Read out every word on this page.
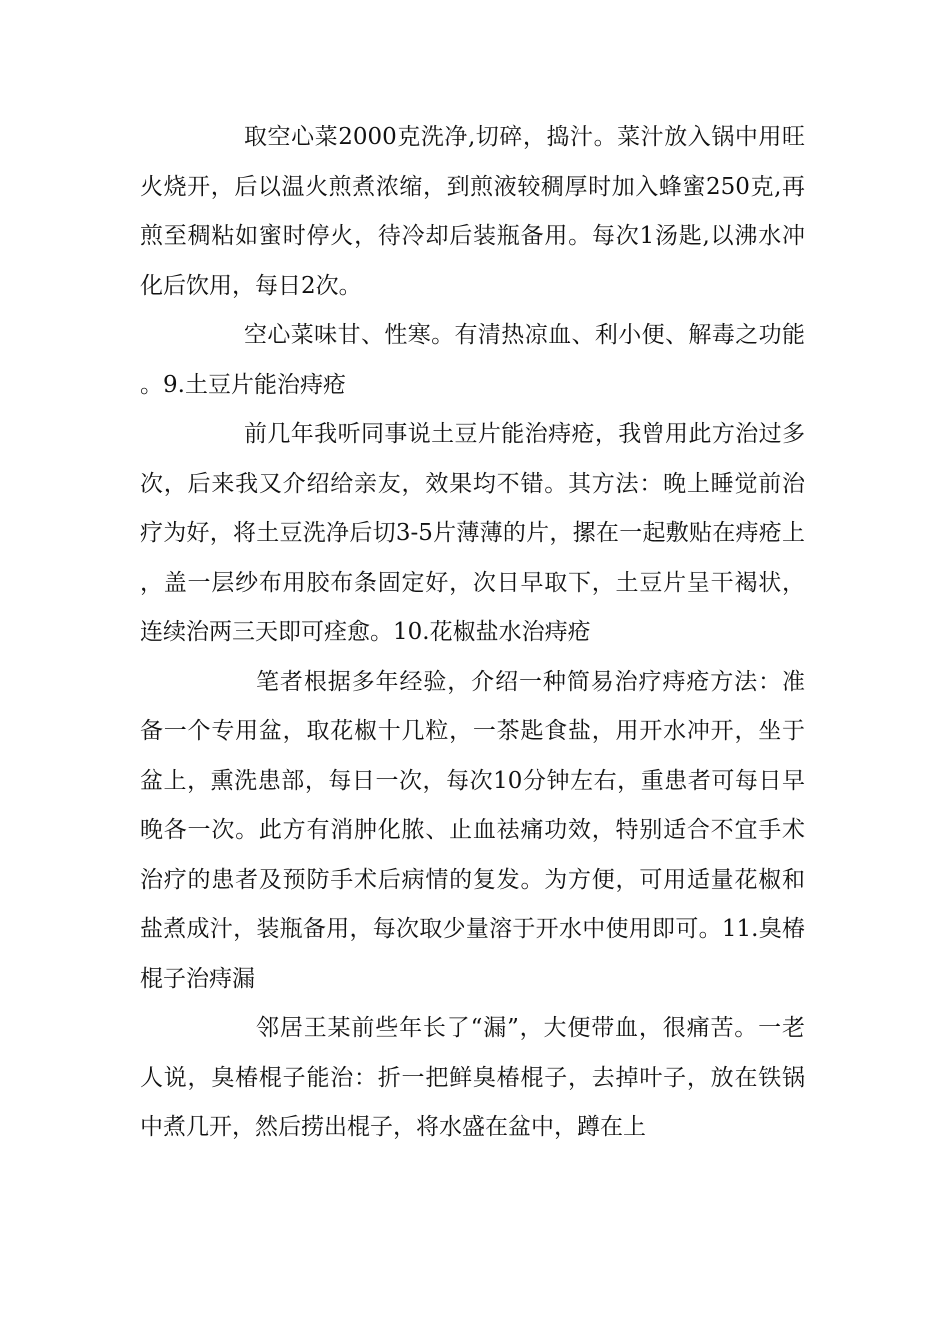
取空心菜2000克洗净,切碎，捣汁。菜汁放入锅中用旺火烧开，后以温火煎煮浓缩，到煎液较稠厚时加入蜂蜜250克,再煎至稠粘如蜜时停火，待冷却后装瓶备用。每次1汤匙,以沸水冲化后饮用，每日2次。

空心菜味甘、性寒。有清热凉血、利小便、解毒之功能。9.土豆片能治痔疮

前几年我听同事说土豆片能治痔疮，我曾用此方治过多次，后来我又介绍给亲友，效果均不错。其方法：晚上睡觉前治疗为好，将土豆洗净后切3-5片薄薄的片，摞在一起敷贴在痔疮上，盖一层纱布用胶布条固定好，次日早取下，土豆片呈干褐状，连续治两三天即可痊愈。10.花椒盐水治痔疮

笔者根据多年经验，介绍一种简易治疗痔疮方法：准备一个专用盆，取花椒十几粒，一茶匙食盐，用开水冲开，坐于盆上，熏洗患部，每日一次，每次10分钟左右，重患者可每日早晚各一次。此方有消肿化脓、止血祛痛功效，特别适合不宜手术治疗的患者及预防手术后病情的复发。为方便，可用适量花椒和盐煮成汁，装瓶备用，每次取少量溶于开水中使用即可。11.臭椿棍子治痔漏

邻居王某前些年长了“漏”，大便带血，很痛苦。一老人说，臭椿棍子能治：折一把鲜臭椿棍子，去掉叶子，放在铁锅中煮几开，然后捞出棍子，将水盛在盆中，蹲在上
